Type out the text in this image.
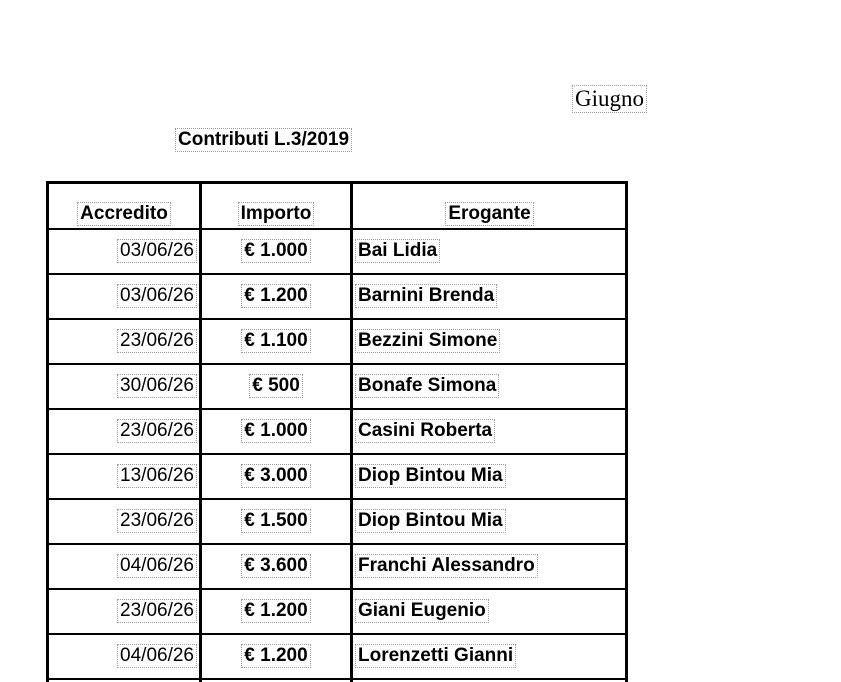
Giugno
Contributi L.3/2019
Accredito	Importo	Erogante
03/06/26	€ 1.000	Bai Lidia
03/06/26	€ 1.200	Barnini Brenda
23/06/26	€ 1.100	Bezzini Simone
30/06/26	€ 500	Bonafe Simona
23/06/26	€ 1.000	Casini Roberta
13/06/26	€ 3.000	Diop Bintou Mia
23/06/26	€ 1.500	Diop Bintou Mia
04/06/26	€ 3.600	Franchi Alessandro
23/06/26	€ 1.200	Giani Eugenio
04/06/26	€ 1.200	Lorenzetti Gianni
